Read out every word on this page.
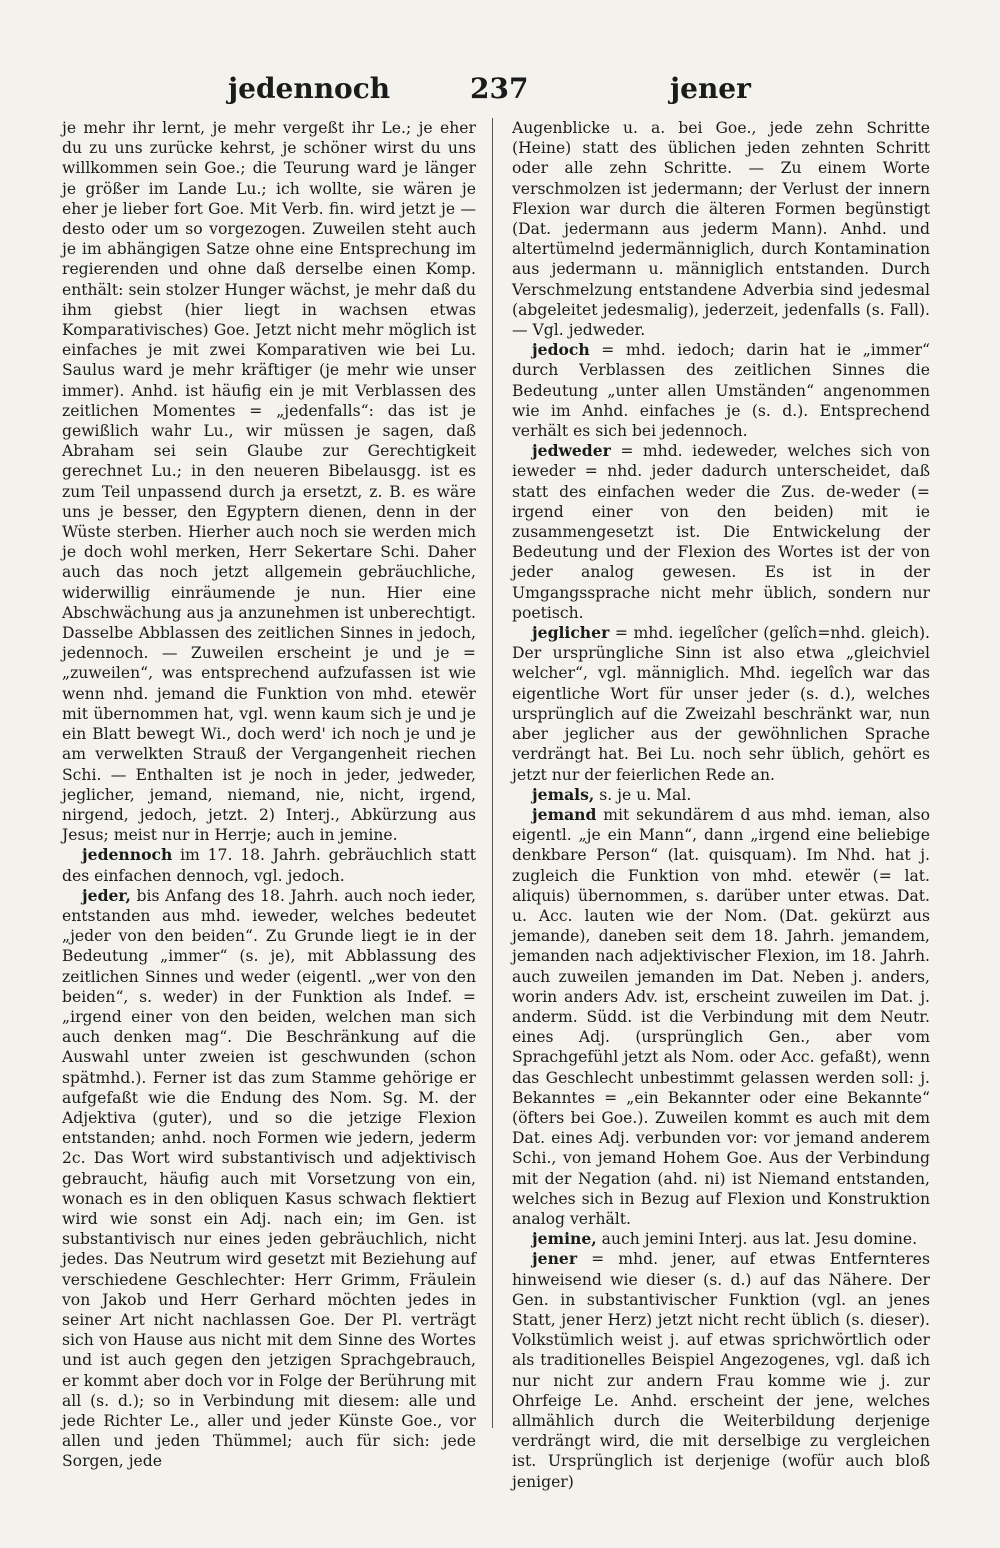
jedennoch	237	jener

je mehr ihr lernt, je mehr vergeßt ihr Le.; je eher du zu uns zurücke kehrst, je schöner wirst du uns willkommen sein Goe.; die Teurung ward je länger je größer im Lande Lu.; ich wollte, sie wären je eher je lieber fort Goe. Mit Verb. fin. wird jetzt je — desto oder um so vorgezogen. Zuweilen steht auch je im abhängigen Satze ohne eine Entsprechung im regierenden und ohne daß derselbe einen Komp. enthält: sein stolzer Hunger wächst, je mehr daß du ihm giebst (hier liegt in wachsen etwas Komparativisches) Goe. Jetzt nicht mehr möglich ist einfaches je mit zwei Komparativen wie bei Lu. Saulus ward je mehr kräftiger (je mehr wie unser immer). Anhd. ist häufig ein je mit Verblassen des zeitlichen Momentes = „jedenfalls“: das ist je gewißlich wahr Lu., wir müssen je sagen, daß Abraham sei sein Glaube zur Gerechtigkeit gerechnet Lu.; in den neueren Bibelausgg. ist es zum Teil unpassend durch ja ersetzt, z. B. es wäre uns je besser, den Egyptern dienen, denn in der Wüste sterben. Hierher auch noch sie werden mich je doch wohl merken, Herr Sekertare Schi. Daher auch das noch jetzt allgemein gebräuchliche, widerwillig einräumende je nun. Hier eine Abschwächung aus ja anzunehmen ist unberechtigt. Dasselbe Abblassen des zeitlichen Sinnes in jedoch, jedennoch. — Zuweilen erscheint je und je = „zuweilen“, was entsprechend aufzufassen ist wie wenn nhd. jemand die Funktion von mhd. etewër mit übernommen hat, vgl. wenn kaum sich je und je ein Blatt bewegt Wi., doch werd' ich noch je und je am verwelkten Strauß der Vergangenheit riechen Schi. — Enthalten ist je noch in jeder, jedweder, jeglicher, jemand, niemand, nie, nicht, irgend, nirgend, jedoch, jetzt. 2) Interj., Abkürzung aus Jesus; meist nur in Herrje; auch in jemine.

jedennoch im 17. 18. Jahrh. gebräuchlich statt des einfachen dennoch, vgl. jedoch.

jeder, bis Anfang des 18. Jahrh. auch noch ieder, entstanden aus mhd. ieweder, welches bedeutet „jeder von den beiden“. Zu Grunde liegt ie in der Bedeutung „immer“ (s. je), mit Abblassung des zeitlichen Sinnes und weder (eigentl. „wer von den beiden“, s. weder) in der Funktion als Indef. = „irgend einer von den beiden, welchen man sich auch denken mag“. Die Beschränkung auf die Auswahl unter zweien ist geschwunden (schon spätmhd.). Ferner ist das zum Stamme gehörige er aufgefaßt wie die Endung des Nom. Sg. M. der Adjektiva (guter), und so die jetzige Flexion entstanden; anhd. noch Formen wie jedern, jederm 2c. Das Wort wird substantivisch und adjektivisch gebraucht, häufig auch mit Vorsetzung von ein, wonach es in den obliquen Kasus schwach flektiert wird wie sonst ein Adj. nach ein; im Gen. ist substantivisch nur eines jeden gebräuchlich, nicht jedes. Das Neutrum wird gesetzt mit Beziehung auf verschiedene Geschlechter: Herr Grimm, Fräulein von Jakob und Herr Gerhard möchten jedes in seiner Art nicht nachlassen Goe. Der Pl. verträgt sich von Hause aus nicht mit dem Sinne des Wortes und ist auch gegen den jetzigen Sprachgebrauch, er kommt aber doch vor in Folge der Berührung mit all (s. d.); so in Verbindung mit diesem: alle und jede Richter Le., aller und jeder Künste Goe., vor allen und jeden Thümmel; auch für sich: jede Sorgen, jede

Augenblicke u. a. bei Goe., jede zehn Schritte (Heine) statt des üblichen jeden zehnten Schritt oder alle zehn Schritte. — Zu einem Worte verschmolzen ist jedermann; der Verlust der innern Flexion war durch die älteren Formen begünstigt (Dat. jedermann aus jederm Mann). Anhd. und altertümelnd jedermänniglich, durch Kontamination aus jedermann u. männiglich entstanden. Durch Verschmelzung entstandene Adverbia sind jedesmal (abgeleitet jedesmalig), jederzeit, jedenfalls (s. Fall). — Vgl. jedweder.

jedoch = mhd. iedoch; darin hat ie „immer“ durch Verblassen des zeitlichen Sinnes die Bedeutung „unter allen Umständen“ angenommen wie im Anhd. einfaches je (s. d.). Entsprechend verhält es sich bei jedennoch.

jedweder = mhd. iedeweder, welches sich von ieweder = nhd. jeder dadurch unterscheidet, daß statt des einfachen weder die Zus. de-weder (= irgend einer von den beiden) mit ie zusammengesetzt ist. Die Entwickelung der Bedeutung und der Flexion des Wortes ist der von jeder analog gewesen. Es ist in der Umgangssprache nicht mehr üblich, sondern nur poetisch.

jeglicher = mhd. iegelîcher (gelîch=nhd. gleich). Der ursprüngliche Sinn ist also etwa „gleichviel welcher“, vgl. männiglich. Mhd. iegelîch war das eigentliche Wort für unser jeder (s. d.), welches ursprünglich auf die Zweizahl beschränkt war, nun aber jeglicher aus der gewöhnlichen Sprache verdrängt hat. Bei Lu. noch sehr üblich, gehört es jetzt nur der feierlichen Rede an.

jemals, s. je u. Mal.

jemand mit sekundärem d aus mhd. ieman, also eigentl. „je ein Mann“, dann „irgend eine beliebige denkbare Person“ (lat. quisquam). Im Nhd. hat j. zugleich die Funktion von mhd. etewër (= lat. aliquis) übernommen, s. darüber unter etwas. Dat. u. Acc. lauten wie der Nom. (Dat. gekürzt aus jemande), daneben seit dem 18. Jahrh. jemandem, jemanden nach adjektivischer Flexion, im 18. Jahrh. auch zuweilen jemanden im Dat. Neben j. anders, worin anders Adv. ist, erscheint zuweilen im Dat. j. anderm. Südd. ist die Verbindung mit dem Neutr. eines Adj. (ursprünglich Gen., aber vom Sprachgefühl jetzt als Nom. oder Acc. gefaßt), wenn das Geschlecht unbestimmt gelassen werden soll: j. Bekanntes = „ein Bekannter oder eine Bekannte“ (öfters bei Goe.). Zuweilen kommt es auch mit dem Dat. eines Adj. verbunden vor: vor jemand anderem Schi., von jemand Hohem Goe. Aus der Verbindung mit der Negation (ahd. ni) ist Niemand entstanden, welches sich in Bezug auf Flexion und Konstruktion analog verhält.

jemine, auch jemini Interj. aus lat. Jesu domine.

jener = mhd. jener, auf etwas Entfernteres hinweisend wie dieser (s. d.) auf das Nähere. Der Gen. in substantivischer Funktion (vgl. an jenes Statt, jener Herz) jetzt nicht recht üblich (s. dieser). Volkstümlich weist j. auf etwas sprichwörtlich oder als traditionelles Beispiel Angezogenes, vgl. daß ich nur nicht zur andern Frau komme wie j. zur Ohrfeige Le. Anhd. erscheint der jene, welches allmählich durch die Weiterbildung derjenige verdrängt wird, die mit derselbige zu vergleichen ist. Ursprünglich ist derjenige (wofür auch bloß jeniger)
